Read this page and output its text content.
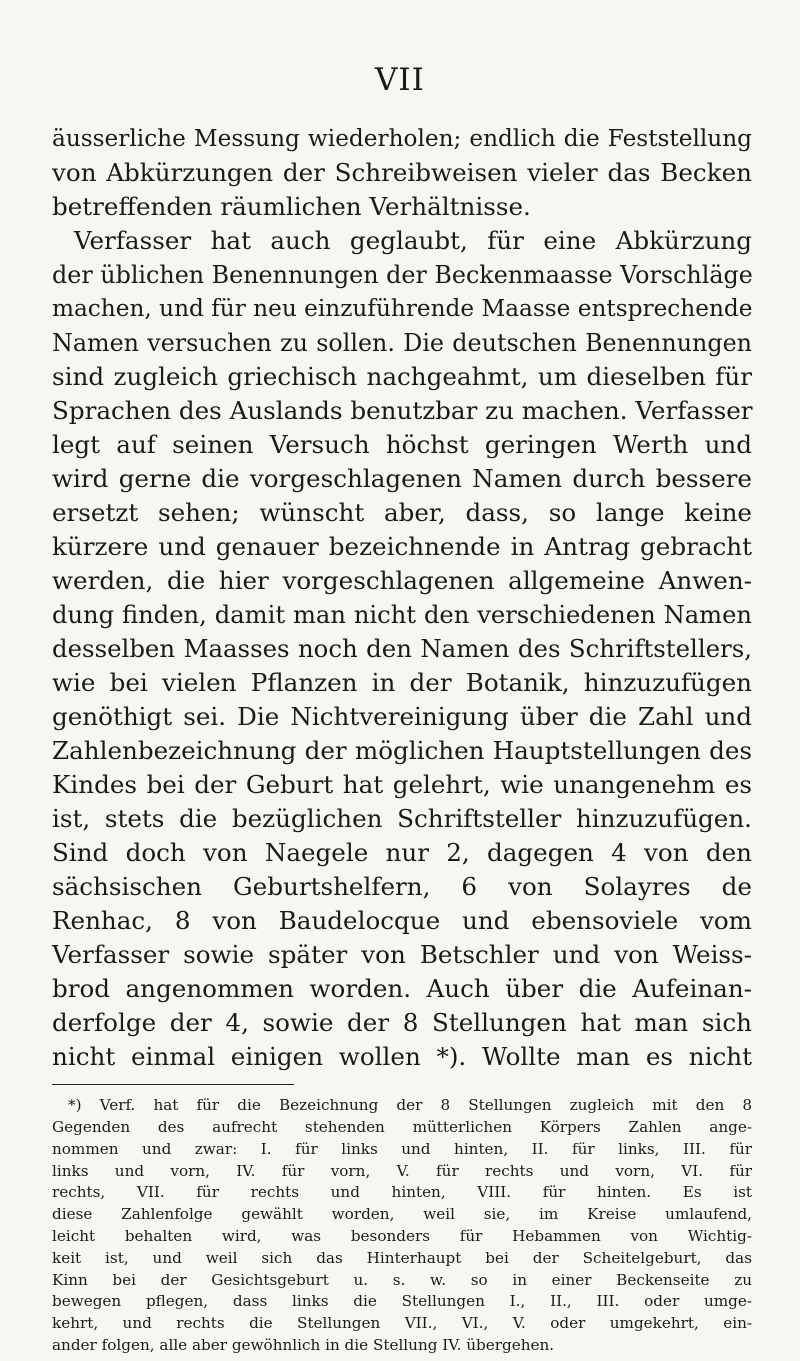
VII
äusserliche Messung wiederholen; endlich die Feststellung
von Abkürzungen der Schreibweisen vieler das Becken
betreffenden räumlichen Verhältnisse.
Verfasser hat auch geglaubt, für eine Abkürzung
der üblichen Benennungen der Beckenmaasse Vorschläge
machen, und für neu einzuführende Maasse entsprechende
Namen versuchen zu sollen. Die deutschen Benennungen
sind zugleich griechisch nachgeahmt, um dieselben für
Sprachen des Auslands benutzbar zu machen. Verfasser
legt auf seinen Versuch höchst geringen Werth und
wird gerne die vorgeschlagenen Namen durch bessere
ersetzt sehen; wünscht aber, dass, so lange keine
kürzere und genauer bezeichnende in Antrag gebracht
werden, die hier vorgeschlagenen allgemeine Anwen-
dung finden, damit man nicht den verschiedenen Namen
desselben Maasses noch den Namen des Schriftstellers,
wie bei vielen Pflanzen in der Botanik, hinzuzufügen
genöthigt sei. Die Nichtvereinigung über die Zahl und
Zahlenbezeichnung der möglichen Hauptstellungen des
Kindes bei der Geburt hat gelehrt, wie unangenehm es
ist, stets die bezüglichen Schriftsteller hinzuzufügen.
Sind doch von Naegele nur 2, dagegen 4 von den
sächsischen Geburtshelfern, 6 von Solayres de
Renhac, 8 von Baudelocque und ebensoviele vom
Verfasser sowie später von Betschler und von Weiss-
brod angenommen worden. Auch über die Aufeinan-
derfolge der 4, sowie der 8 Stellungen hat man sich
nicht einmal einigen wollen *). Wollte man es nicht
*) Verf. hat für die Bezeichnung der 8 Stellungen zugleich mit den 8
Gegenden des aufrecht stehenden mütterlichen Körpers Zahlen ange-
nommen und zwar: I. für links und hinten, II. für links, III. für
links und vorn, IV. für vorn, V. für rechts und vorn, VI. für
rechts, VII. für rechts und hinten, VIII. für hinten. Es ist
diese Zahlenfolge gewählt worden, weil sie, im Kreise umlaufend,
leicht behalten wird, was besonders für Hebammen von Wichtig-
keit ist, und weil sich das Hinterhaupt bei der Scheitelgeburt, das
Kinn bei der Gesichtsgeburt u. s. w. so in einer Beckenseite zu
bewegen pflegen, dass links die Stellungen I., II., III. oder umge-
kehrt, und rechts die Stellungen VII., VI., V. oder umgekehrt, ein-
ander folgen, alle aber gewöhnlich in die Stellung IV. übergehen.
